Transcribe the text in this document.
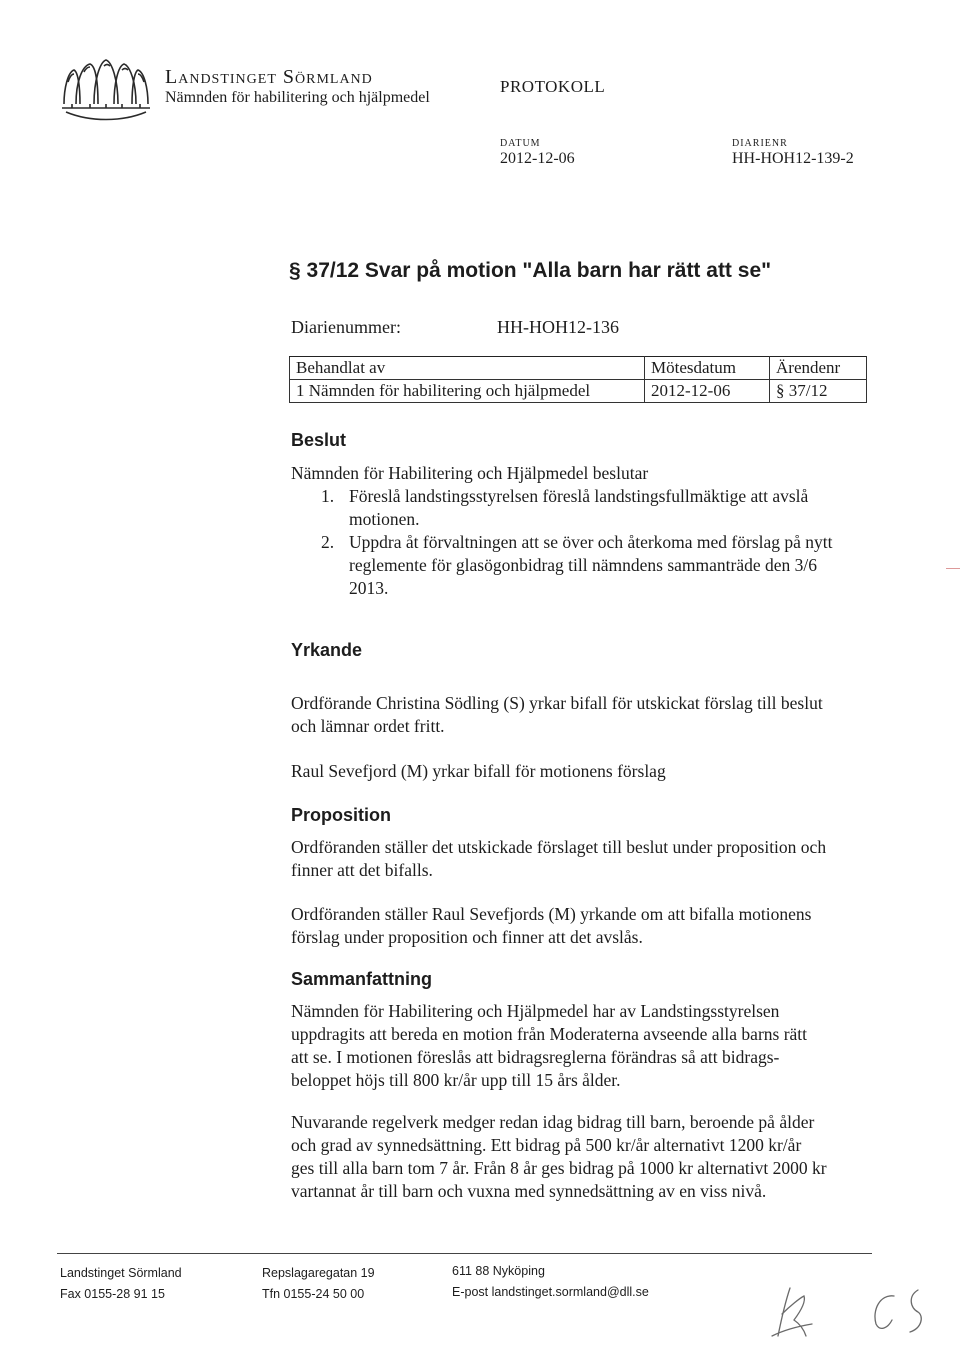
Landstinget Sörmland
Nämnden för habilitering och hjälpmedel
PROTOKOLL
DATUM
2012-12-06
DIARIENR
HH-HOH12-139-2
§ 37/12 Svar på motion "Alla barn har rätt att se"
Diarienummer:	HH-HOH12-136
Behandlat av	Mötesdatum	Ärendenr
1 Nämnden för habilitering och hjälpmedel	2012-12-06	§ 37/12
Beslut
Nämnden för Habilitering och Hjälpmedel beslutar
1. Föreslå landstingsstyrelsen föreslå landstingsfullmäktige att avslå
motionen.
2. Uppdra åt förvaltningen att se över och återkoma med förslag på nytt
reglemente för glasögonbidrag till nämndens sammanträde den 3/6
2013.
Yrkande
Ordförande Christina Södling (S) yrkar bifall för utskickat förslag till beslut
och lämnar ordet fritt.
Raul Sevefjord (M) yrkar bifall för motionens förslag
Proposition
Ordföranden ställer det utskickade förslaget till beslut under proposition och
finner att det bifalls.
Ordföranden ställer Raul Sevefjords (M) yrkande om att bifalla motionens
förslag under proposition och finner att det avslås.
Sammanfattning
Nämnden för Habilitering och Hjälpmedel har av Landstingsstyrelsen
uppdragits att bereda en motion från Moderaterna avseende alla barns rätt
att se. I motionen föreslås att bidragsreglerna förändras så att bidrags-
beloppet höjs till 800 kr/år upp till 15 års ålder.
Nuvarande regelverk medger redan idag bidrag till barn, beroende på ålder
och grad av synnedsättning. Ett bidrag på 500 kr/år alternativt 1200 kr/år
ges till alla barn tom 7 år. Från 8 år ges bidrag på 1000 kr alternativt 2000 kr
vartannat år till barn och vuxna med synnedsättning av en viss nivå.
Landstinget Sörmland
Fax 0155-28 91 15
Repslagaregatan 19
Tfn 0155-24 50 00
611 88 Nyköping
E-post landstinget.sormland@dll.se
